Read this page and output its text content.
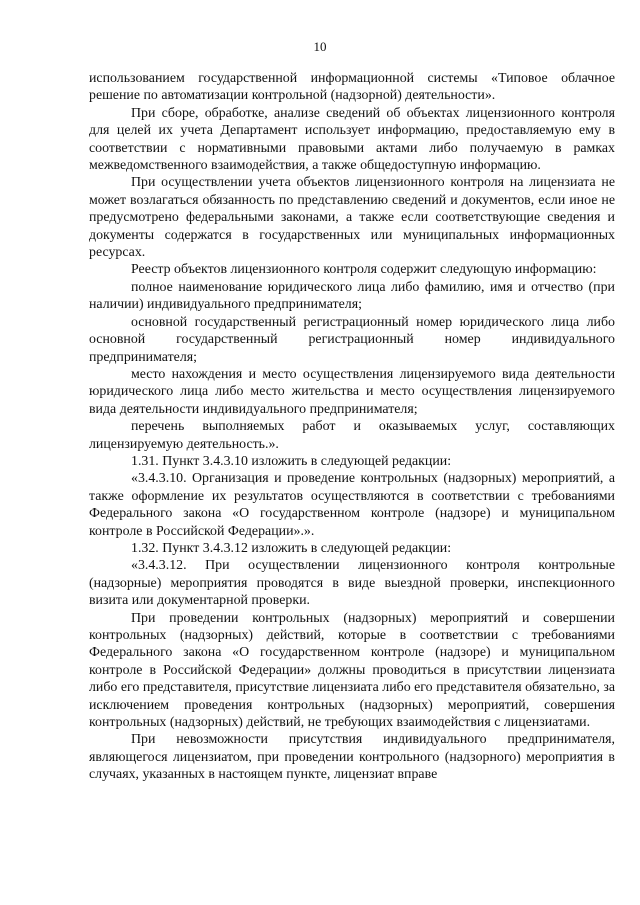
10

использованием государственной информационной системы «Типовое облачное решение по автоматизации контрольной (надзорной) деятельности».

При сборе, обработке, анализе сведений об объектах лицензионного контроля для целей их учета Департамент использует информацию, предоставляемую ему в соответствии с нормативными правовыми актами либо получаемую в рамках межведомственного взаимодействия, а также общедоступную информацию.

При осуществлении учета объектов лицензионного контроля на лицензиата не может возлагаться обязанность по представлению сведений и документов, если иное не предусмотрено федеральными законами, а также если соответствующие сведения и документы содержатся в государственных или муниципальных информационных ресурсах.

Реестр объектов лицензионного контроля содержит следующую информацию:

полное наименование юридического лица либо фамилию, имя и отчество (при наличии) индивидуального предпринимателя;

основной государственный регистрационный номер юридического лица либо основной государственный регистрационный номер индивидуального предпринимателя;

место нахождения и место осуществления лицензируемого вида деятельности юридического лица либо место жительства и место осуществления лицензируемого вида деятельности индивидуального предпринимателя;

перечень выполняемых работ и оказываемых услуг, составляющих лицензируемую деятельность.».

1.31. Пункт 3.4.3.10 изложить в следующей редакции:

«3.4.3.10. Организация и проведение контрольных (надзорных) мероприятий, а также оформление их результатов осуществляются в соответствии с требованиями Федерального закона «О государственном контроле (надзоре) и муниципальном контроле в Российской Федерации».».

1.32. Пункт 3.4.3.12 изложить в следующей редакции:

«3.4.3.12. При осуществлении лицензионного контроля контрольные (надзорные) мероприятия проводятся в виде выездной проверки, инспекционного визита или документарной проверки.

При проведении контрольных (надзорных) мероприятий и совершении контрольных (надзорных) действий, которые в соответствии с требованиями Федерального закона «О государственном контроле (надзоре) и муниципальном контроле в Российской Федерации» должны проводиться в присутствии лицензиата либо его представителя, присутствие лицензиата либо его представителя обязательно, за исключением проведения контрольных (надзорных) мероприятий, совершения контрольных (надзорных) действий, не требующих взаимодействия с лицензиатами.

При невозможности присутствия индивидуального предпринимателя, являющегося лицензиатом, при проведении контрольного (надзорного) мероприятия в случаях, указанных в настоящем пункте, лицензиат вправе
